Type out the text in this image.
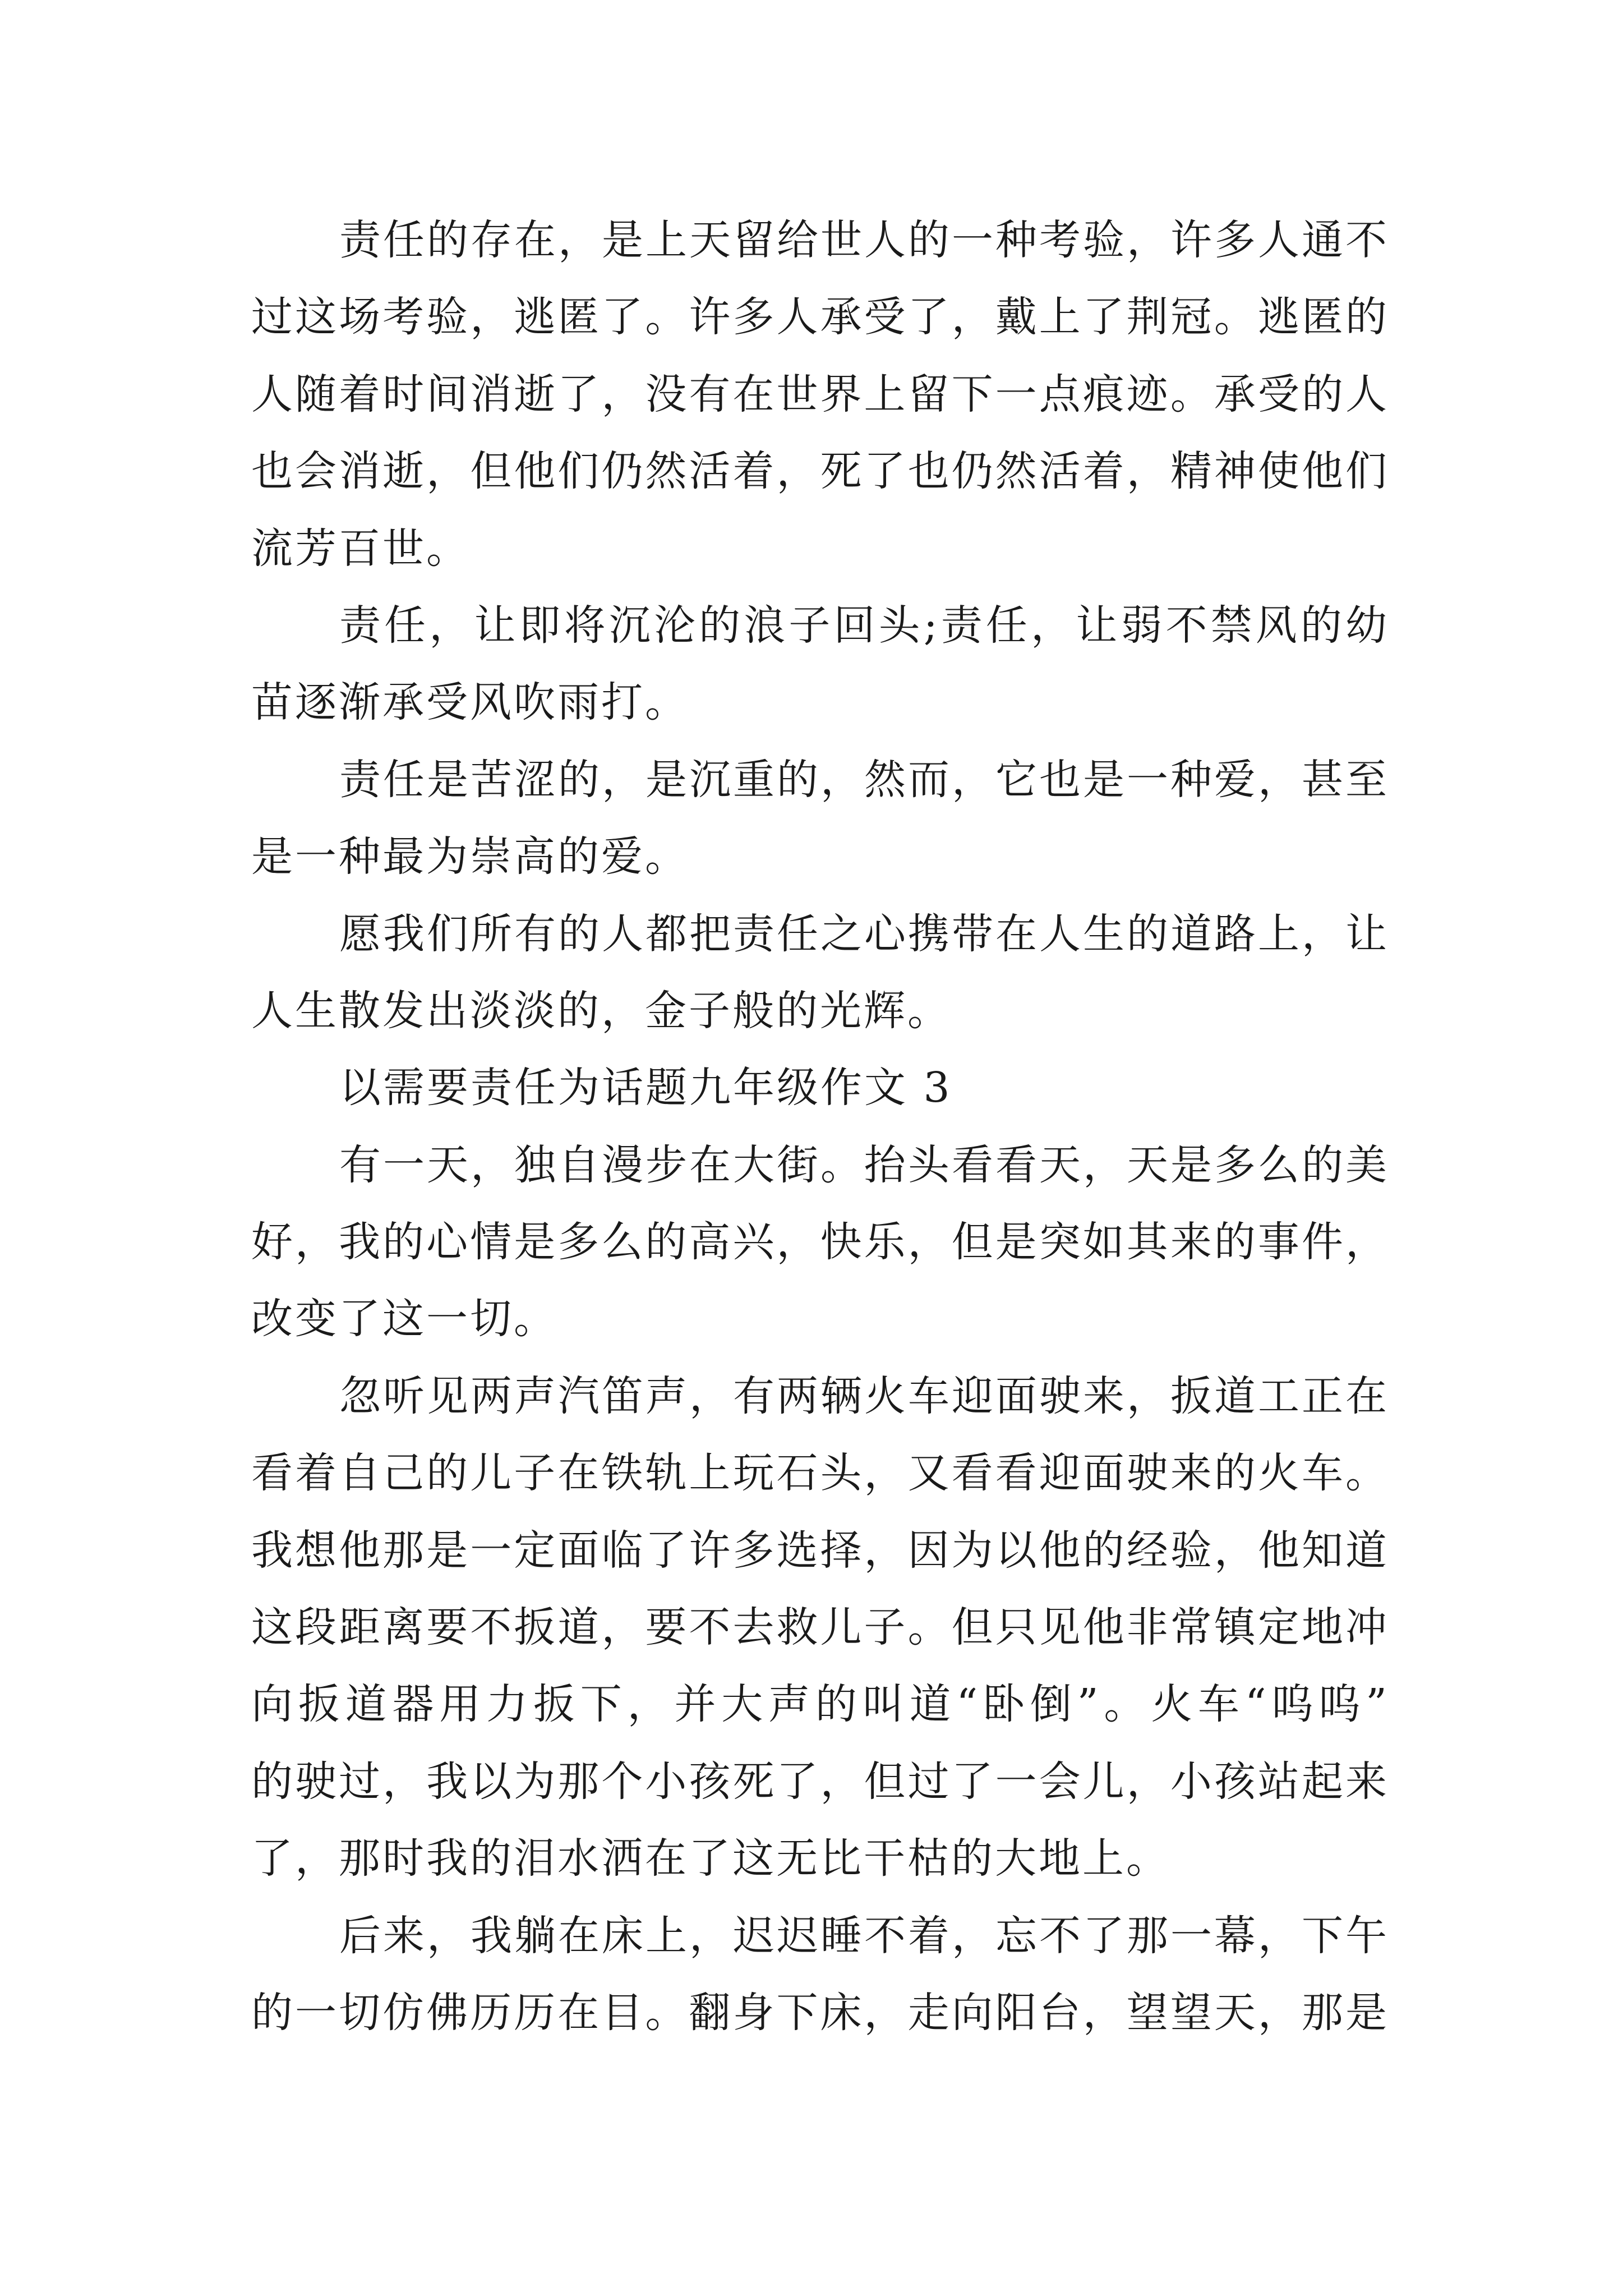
责任的存在，是上天留给世人的一种考验，许多人通不
过这场考验，逃匿了。许多人承受了，戴上了荆冠。逃匿的
人随着时间消逝了，没有在世界上留下一点痕迹。承受的人
也会消逝，但他们仍然活着，死了也仍然活着，精神使他们
流芳百世。
责任，让即将沉沦的浪子回头;责任，让弱不禁风的幼
苗逐渐承受风吹雨打。
责任是苦涩的，是沉重的，然而，它也是一种爱，甚至
是一种最为崇高的爱。
愿我们所有的人都把责任之心携带在人生的道路上，让
人生散发出淡淡的，金子般的光辉。
以需要责任为话题九年级作文 3
有一天，独自漫步在大街。抬头看看天，天是多么的美
好，我的心情是多么的高兴，快乐，但是突如其来的事件，
改变了这一切。
忽听见两声汽笛声，有两辆火车迎面驶来，扳道工正在
看着自己的儿子在铁轨上玩石头，又看看迎面驶来的火车。
我想他那是一定面临了许多选择，因为以他的经验，他知道
这段距离要不扳道，要不去救儿子。但只见他非常镇定地冲
向扳道器用力扳下，并大声的叫道“卧倒”。火车“呜呜”
的驶过，我以为那个小孩死了，但过了一会儿，小孩站起来
了，那时我的泪水洒在了这无比干枯的大地上。
后来，我躺在床上，迟迟睡不着，忘不了那一幕，下午
的一切仿佛历历在目。翻身下床，走向阳台，望望天，那是
